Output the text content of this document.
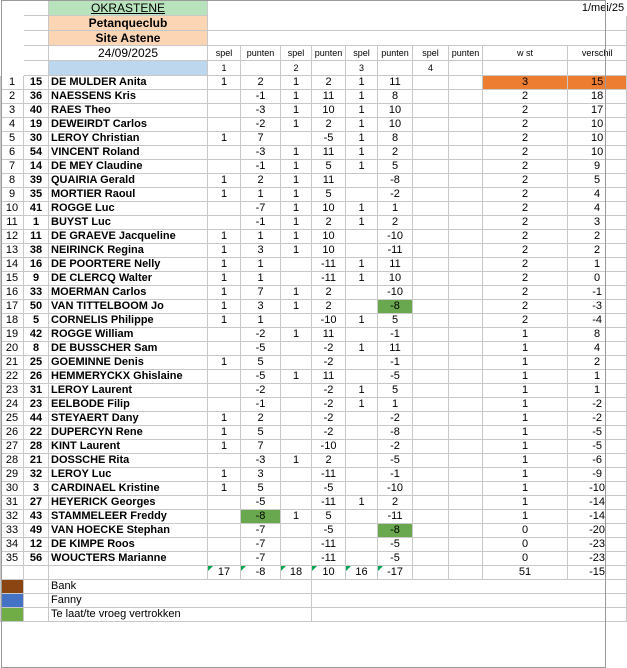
		OKRASTENE										1/mei/25
		Petanqueclub										
		Site Astene										
		24/09/2025	spel	punten	spel	punten	spel	punten	spel	punten	w st	verschil
			1		2		3		4			
1	15	DE MULDER Anita	1	2	1	2	1	11			3	15
2	36	NAESSENS Kris		-1	1	11	1	8			2	18
3	40	RAES Theo		-3	1	10	1	10			2	17
4	19	DEWEIRDT Carlos		-2	1	2	1	10			2	10
5	30	LEROY Christian	1	7		-5	1	8			2	10
6	54	VINCENT Roland		-3	1	11	1	2			2	10
7	14	DE MEY Claudine		-1	1	5	1	5			2	9
8	39	QUAIRIA Gerald	1	2	1	11		-8			2	5
9	35	MORTIER Raoul	1	1	1	5		-2			2	4
10	41	ROGGE Luc		-7	1	10	1	1			2	4
11	1	BUYST Luc		-1	1	2	1	2			2	3
12	11	DE GRAEVE Jacqueline	1	1	1	10		-10			2	2
13	38	NEIRINCK Regina	1	3	1	10		-11			2	2
14	16	DE POORTERE Nelly	1	1		-11	1	11			2	1
15	9	DE CLERCQ Walter	1	1		-11	1	10			2	0
16	33	MOERMAN Carlos	1	7	1	2		-10			2	-1
17	50	VAN TITTELBOOM Jo	1	3	1	2		-8			2	-3
18	5	CORNELIS Philippe	1	1		-10	1	5			2	-4
19	42	ROGGE William		-2	1	11		-1			1	8
20	8	DE BUSSCHER Sam		-5		-2	1	11			1	4
21	25	GOEMINNE Denis	1	5		-2		-1			1	2
22	26	HEMMERYCKX Ghislaine		-5	1	11		-5			1	1
23	31	LEROY Laurent		-2		-2	1	5			1	1
24	23	EELBODE Filip		-1		-2	1	1			1	-2
25	44	STEYAERT Dany	1	2		-2		-2			1	-2
26	22	DUPERCYN Rene	1	5		-2		-8			1	-5
27	28	KINT Laurent	1	7		-10		-2			1	-5
28	21	DOSSCHE Rita		-3	1	2		-5			1	-6
29	32	LEROY Luc	1	3		-11		-1			1	-9
30	3	CARDINAEL Kristine	1	5		-5		-10			1	-10
31	27	HEYERICK Georges		-5		-11	1	2			1	-14
32	43	STAMMELEER Freddy		-8	1	5		-11			1	-14
33	49	VAN HOECKE Stephan		-7		-5		-8			0	-20
34	12	DE KIMPE Roos		-7		-11		-5			0	-23
35	56	WOUCTERS Marianne		-7		-11		-5			0	-23
			17	-8	18	10	16	-17			51	-15
		Bank										
		Fanny										
		Te laat/te vroeg vertrokken										
